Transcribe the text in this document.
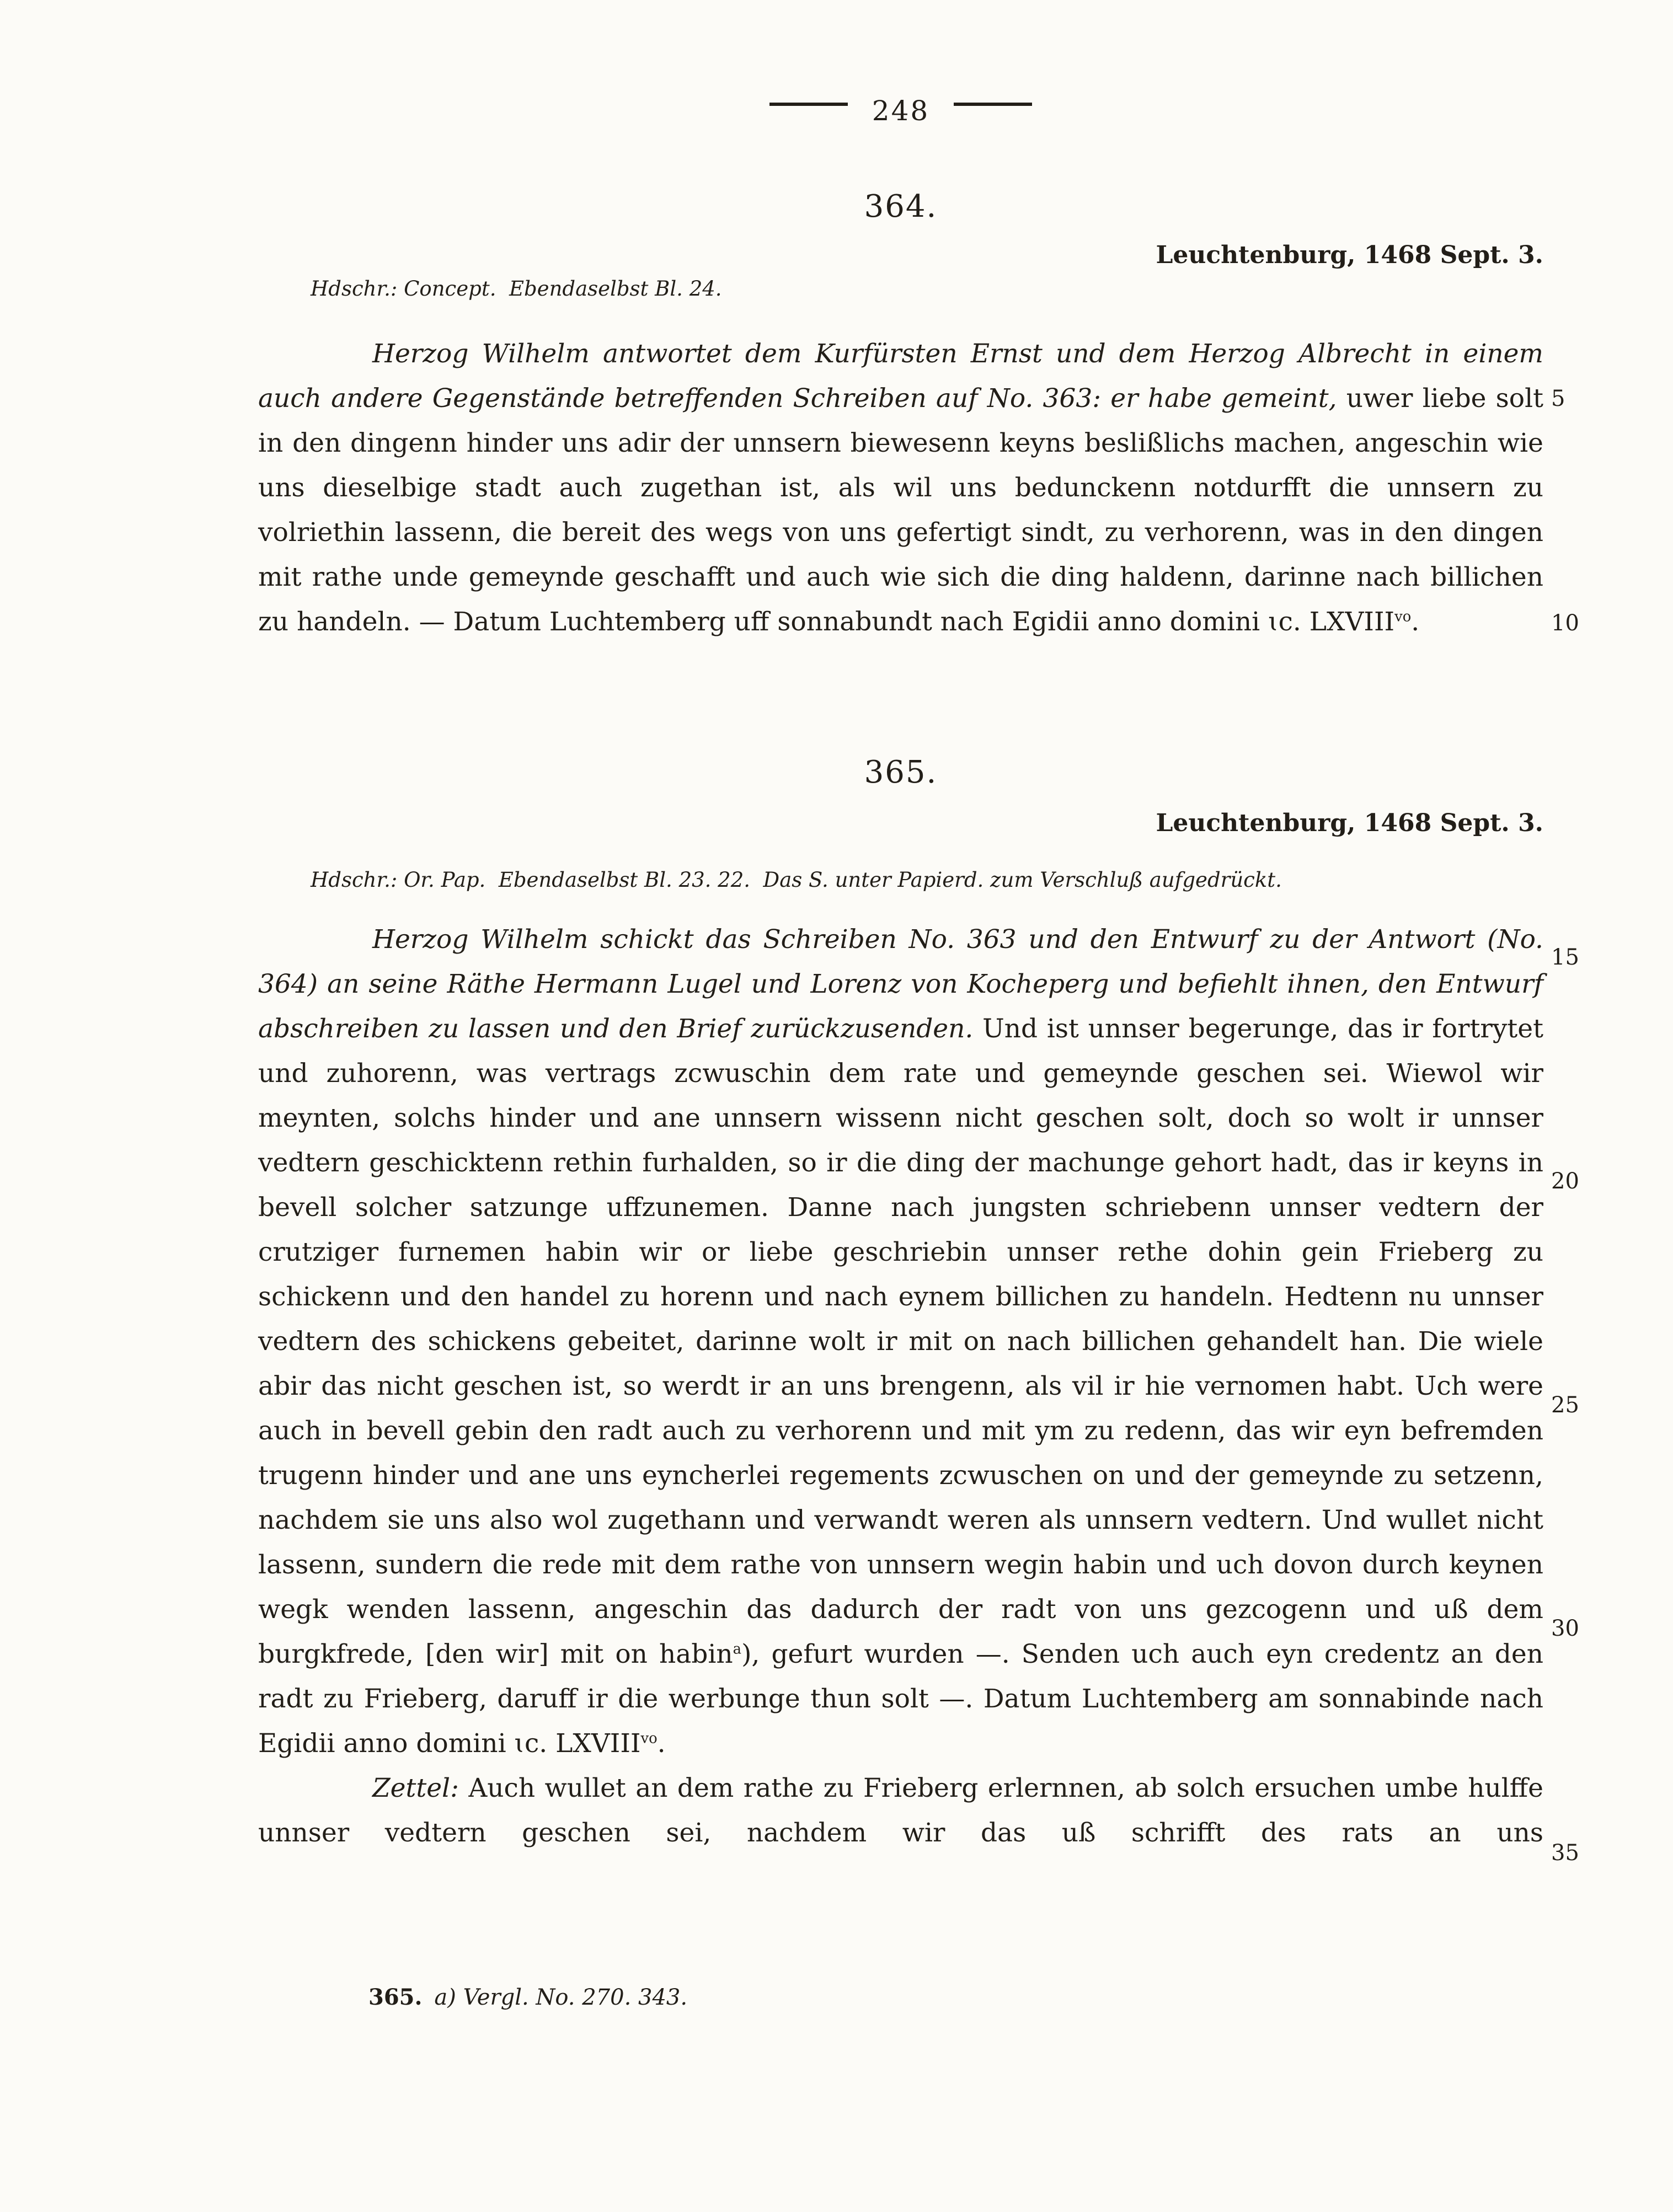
248
364.
Leuchtenburg, 1468 Sept. 3.
Hdschr.: Concept.  Ebendaselbst Bl. 24.

Herzog Wilhelm antwortet dem Kurfürsten Ernst und dem Herzog Albrecht in einem auch andere Gegenstände betreffenden Schreiben auf No. 363: er habe gemeint, uwer liebe solt in den dingenn hinder uns adir der unnsern biewesenn keyns beslißlichs machen, angeschin wie uns dieselbige stadt auch zugethan ist, als wil uns bedunckenn notdurfft die unnsern zu volriethin lassenn, die bereit des wegs von uns gefertigt sindt, zu verhorenn, was in den dingen mit rathe unde gemeynde geschafft und auch wie sich die ding haldenn, darinne nach billichen zu handeln. — Datum Luchtemberg uff sonnabundt nach Egidii anno domini ɩc. $LXVIII^{vo}$.

365.
Leuchtenburg, 1468 Sept. 3.
Hdschr.: Or. Pap.  Ebendaselbst Bl. 23. 22.  Das S. unter Papierd. zum Verschluß aufgedrückt.

Herzog Wilhelm schickt das Schreiben No. 363 und den Entwurf zu der Antwort (No. 364) an seine Räthe Hermann Lugel und Lorenz von Kocheperg und befiehlt ihnen, den Entwurf abschreiben zu lassen und den Brief zurückzusenden. Und ist unnser begerunge, das ir fortrytet und zuhorenn, was vertrags zcwuschin dem rate und gemeynde geschen sei. Wiewol wir meynten, solchs hinder und ane unnsern wissenn nicht geschen solt, doch so wolt ir unnser vedtern geschicktenn rethin furhalden, so ir die ding der machunge gehort hadt, das ir keyns in bevell solcher satzunge uffzunemen. Danne nach jungsten schriebenn unnser vedtern der crutziger furnemen habin wir or liebe geschriebin unnser rethe dohin gein Frieberg zu schickenn und den handel zu horenn und nach eynem billichen zu handeln. Hedtenn nu unnser vedtern des schickens gebeitet, darinne wolt ir mit on nach billichen gehandelt han. Die wiele abir das nicht geschen ist, so werdt ir an uns brengenn, als vil ir hie vernomen habt. Uch were auch in bevell gebin den radt auch zu verhorenn und mit ym zu redenn, das wir eyn befremden trugenn hinder und ane uns eyncherlei regements zcwuschen on und der gemeynde zu setzenn, nachdem sie uns also wol zugethann und verwandt weren als unnsern vedtern. Und wullet nicht lassenn, sundern die rede mit dem rathe von unnsern wegin habin und uch dovon durch keynen wegk wenden lassenn, angeschin das dadurch der radt von uns gezcogenn und uß dem burgkfrede, [den wir] mit on habin$^a$), gefurt wurden —. Senden uch auch eyn credentz an den radt zu Frieberg, daruff ir die werbunge thun solt —. Datum Luchtemberg am sonnabinde nach Egidii anno domini ɩc. $LXVIII^{vo}$.

Zettel: Auch wullet an dem rathe zu Frieberg erlernnen, ab solch ersuchen umbe hulffe unnser vedtern geschen sei, nachdem wir das uß schrifft des rats an uns

365. a) Vergl. No. 270. 343.
5
10
15
20
25
30
35
